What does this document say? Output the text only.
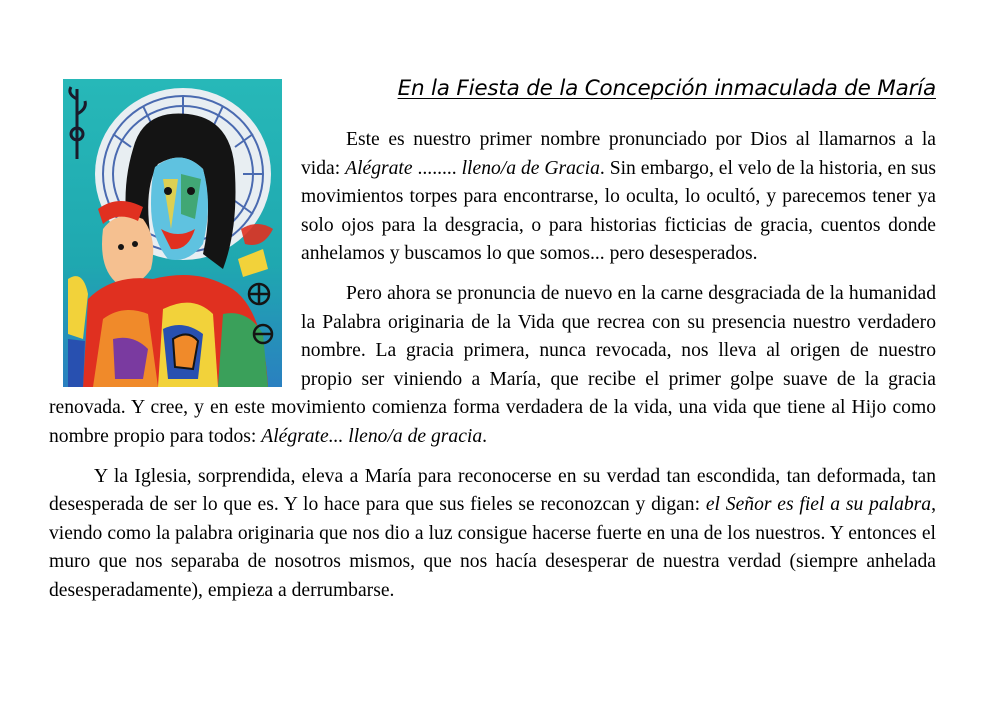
En la Fiesta de la Concepción inmaculada de María

Este es nuestro primer nombre pronunciado por Dios al llamarnos a la vida: Alégrate ........ lleno/a de Gracia. Sin embargo, el velo de la historia, en sus movimientos torpes para encontrarse, lo oculta, lo ocultó, y parecemos tener ya solo ojos para la desgracia, o para historias ficticias de gracia, cuentos donde anhelamos y buscamos lo que somos... pero desesperados.

Pero ahora se pronuncia de nuevo en la carne desgraciada de la humanidad la Palabra originaria de la Vida que recrea con su presencia nuestro verdadero nombre. La gracia primera, nunca revocada, nos lleva al origen de nuestro propio ser viniendo a María, que recibe el primer golpe suave de la gracia renovada. Y cree, y en este movimiento comienza forma verdadera de la vida, una vida que tiene al Hijo como nombre propio para todos: Alégrate... lleno/a de gracia.

Y la Iglesia, sorprendida, eleva a María para reconocerse en su verdad tan escondida, tan deformada, tan desesperada de ser lo que es. Y lo hace para que sus fieles se reconozcan y digan: el Señor es fiel a su palabra, viendo como la palabra originaria que nos dio a luz consigue hacerse fuerte en una de los nuestros. Y entonces el muro que nos separaba de nosotros mismos, que nos hacía desesperar de nuestra verdad (siempre anhelada desesperadamente), empieza a derrumbarse.
